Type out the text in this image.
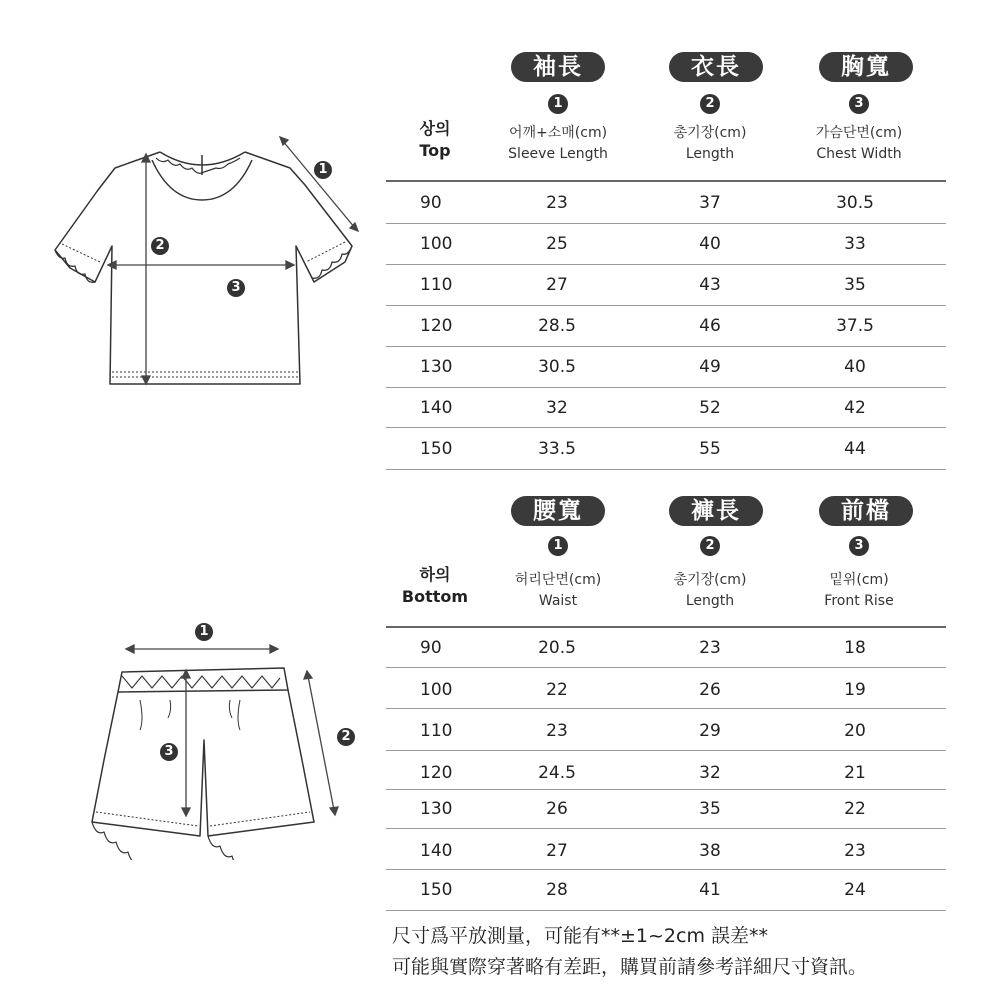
1
2
3
袖長	衣長	胸寬
1	2	3
상의
Top
어깨+소매(cm)
Sleeve Length
총기장(cm)
Length
가슴단면(cm)
Chest Width
90	23	37	30.5
100	25	40	33
110	27	43	35
120	28.5	46	37.5
130	30.5	49	40
140	32	52	42
150	33.5	55	44
1
2
3
腰寬	褲長	前檔
1	2	3
하의
Bottom
허리단면(cm)
Waist
총기장(cm)
Length
밑위(cm)
Front Rise
90	20.5	23	18
100	22	26	19
110	23	29	20
120	24.5	32	21
130	26	35	22
140	27	38	23
150	28	41	24
尺寸爲平放測量，可能有**±1~2cm 誤差**
可能與實際穿著略有差距，購買前請參考詳細尺寸資訊。
